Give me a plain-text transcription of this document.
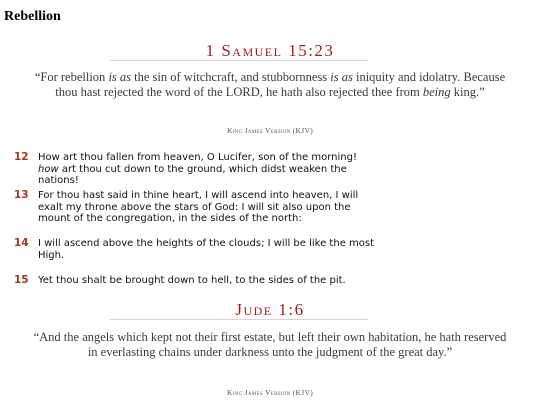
Rebellion
1 Samuel 15:23
“For rebellion is as the sin of witchcraft, and stubbornness is as iniquity and idolatry. Because thou hast rejected the word of the LORD, he hath also rejected thee from being king.”
King James Version (KJV)
12 How art thou fallen from heaven, O Lucifer, son of the morning! how art thou cut down to the ground, which didst weaken the nations!
13 For thou hast said in thine heart, I will ascend into heaven, I will exalt my throne above the stars of God: I will sit also upon the mount of the congregation, in the sides of the north:
14 I will ascend above the heights of the clouds; I will be like the most High.
15 Yet thou shalt be brought down to hell, to the sides of the pit.
Jude 1:6
“And the angels which kept not their first estate, but left their own habitation, he hath reserved in everlasting chains under darkness unto the judgment of the great day.”
King James Version (KJV)
